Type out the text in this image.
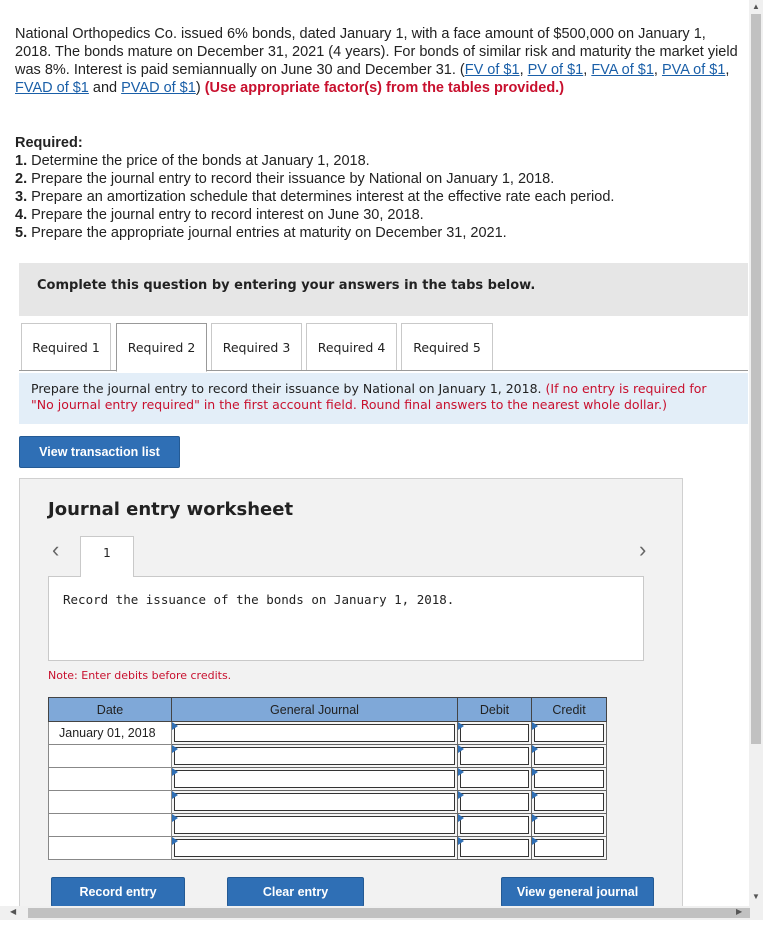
National Orthopedics Co. issued 6% bonds, dated January 1, with a face amount of $500,000 on January 1, 2018. The bonds mature on December 31, 2021 (4 years). For bonds of similar risk and maturity the market yield was 8%. Interest is paid semiannually on June 30 and December 31. (FV of $1, PV of $1, FVA of $1, PVA of $1, FVAD of $1 and PVAD of $1) (Use appropriate factor(s) from the tables provided.)
Required:
1. Determine the price of the bonds at January 1, 2018.
2. Prepare the journal entry to record their issuance by National on January 1, 2018.
3. Prepare an amortization schedule that determines interest at the effective rate each period.
4. Prepare the journal entry to record interest on June 30, 2018.
5. Prepare the appropriate journal entries at maturity on December 31, 2021.
Complete this question by entering your answers in the tabs below.
Required 1	Required 2	Required 3	Required 4	Required 5
Prepare the journal entry to record their issuance by National on January 1, 2018. (If no entry is required for
"No journal entry required" in the first account field. Round final answers to the nearest whole dollar.)
View transaction list
Journal entry worksheet
‹	1	›
Record the issuance of the bonds on January 1, 2018.
Note: Enter debits before credits.
Date	General Journal	Debit	Credit
January 01, 2018	

Record entry	Clear entry	View general journal
▲
▼
◀	▶
